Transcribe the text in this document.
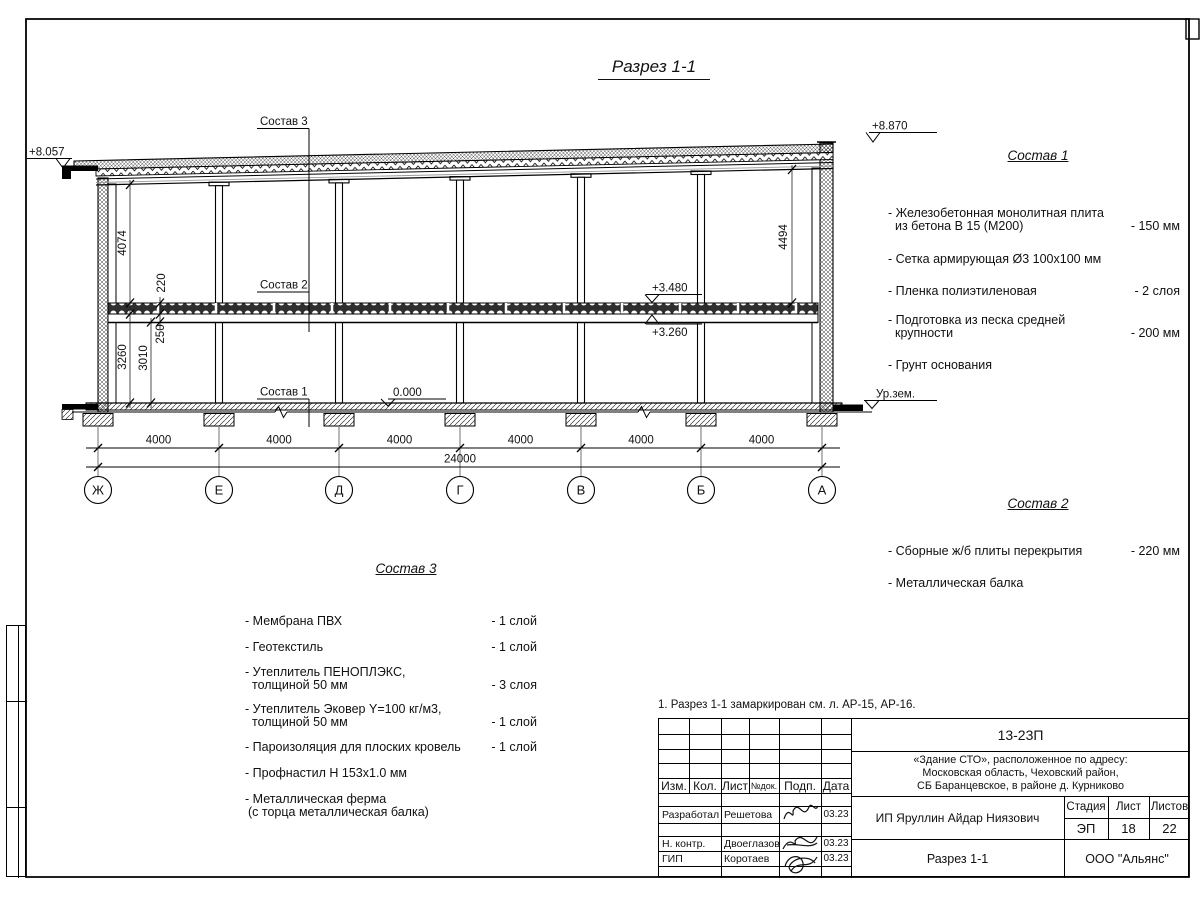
Состав 3
Состав 2
Состав 1
+8.057
+8.870
+3.480
+3.260
0.000	Ур.зем.
4074
220
250
3260 3010
4494
4000	4000	4000	4000	4000	4000
24000
Ж	Е	Д	Г	В	Б	А
Разрез 1-1
Состав 1
- Железобетонная монолитная плита
из бетона В 15 (М200)	- 150 мм
- Сетка армирующая Ø3 100х100 мм
- Пленка полиэтиленовая	- 2 слоя
- Подготовка из песка средней
крупности	- 200 мм
- Грунт основания
Состав 2
- Сборные ж/б плиты перекрытия	- 220 мм
- Металлическая балка
Состав 3
- Мембрана ПВХ	- 1 слой
- Геотекстиль	- 1 слой
- Утеплитель ПЕНОПЛЭКС,
толщиной 50 мм	- 3 слоя
- Утеплитель Эковер Y=100 кг/м3,
толщиной 50 мм	- 1 слой
- Пароизоляция для плоских кровель	- 1 слой
- Профнастил Н 153х1.0 мм
- Металлическая ферма
(с торца металлическая балка)
1. Разрез 1-1 замаркирован см. л. АР-15, АР-16.
Изм. Кол. Лист №док. Подп. Дата
Разработал Решетова	03.23
Н. контр.	Двоеглазов	03.23
ГИП	Коротаев	03.23
13-23П
«Здание СТО», расположенное по адресу:
Московская область, Чеховский район,
СБ Баранцевское, в районе д. Курниково
ИП Яруллин Айдар Ниязович
Разрез 1-1
Стадия Лист Листов
ЭП	18	22
ООО "Альянс"
